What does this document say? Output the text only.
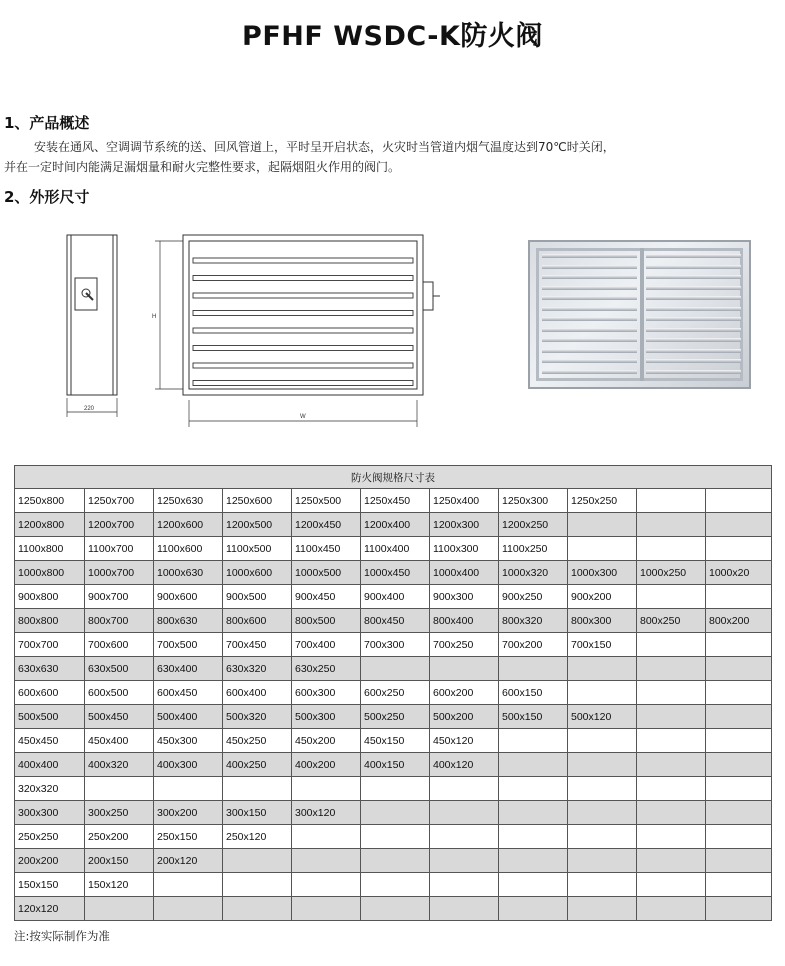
PFHF WSDC-K防火阀
1、产品概述
安装在通风、空调调节系统的送、回风管道上，平时呈开启状态，火灾时当管道内烟气温度达到70℃时关闭，
并在一定时间内能满足漏烟量和耐火完整性要求，起隔烟阻火作用的阀门。
2、外形尺寸
220
H
W
防火阀规格尺寸表										
1250x800	1250x700	1250x630	1250x600	1250x500	1250x450	1250x400	1250x300	1250x250		
1200x800	1200x700	1200x600	1200x500	1200x450	1200x400	1200x300	1200x250			
1100x800	1100x700	1100x600	1100x500	1100x450	1100x400	1100x300	1100x250			
1000x800	1000x700	1000x630	1000x600	1000x500	1000x450	1000x400	1000x320	1000x300	1000x250	1000x20
900x800	900x700	900x600	900x500	900x450	900x400	900x300	900x250	900x200		
800x800	800x700	800x630	800x600	800x500	800x450	800x400	800x320	800x300	800x250	800x200
700x700	700x600	700x500	700x450	700x400	700x300	700x250	700x200	700x150		
630x630	630x500	630x400	630x320	630x250						
600x600	600x500	600x450	600x400	600x300	600x250	600x200	600x150			
500x500	500x450	500x400	500x320	500x300	500x250	500x200	500x150	500x120		
450x450	450x400	450x300	450x250	450x200	450x150	450x120				
400x400	400x320	400x300	400x250	400x200	400x150	400x120				
320x320										
300x300	300x250	300x200	300x150	300x120						
250x250	250x200	250x150	250x120							
200x200	200x150	200x120								
150x150	150x120									
120x120										
注:按实际制作为准
